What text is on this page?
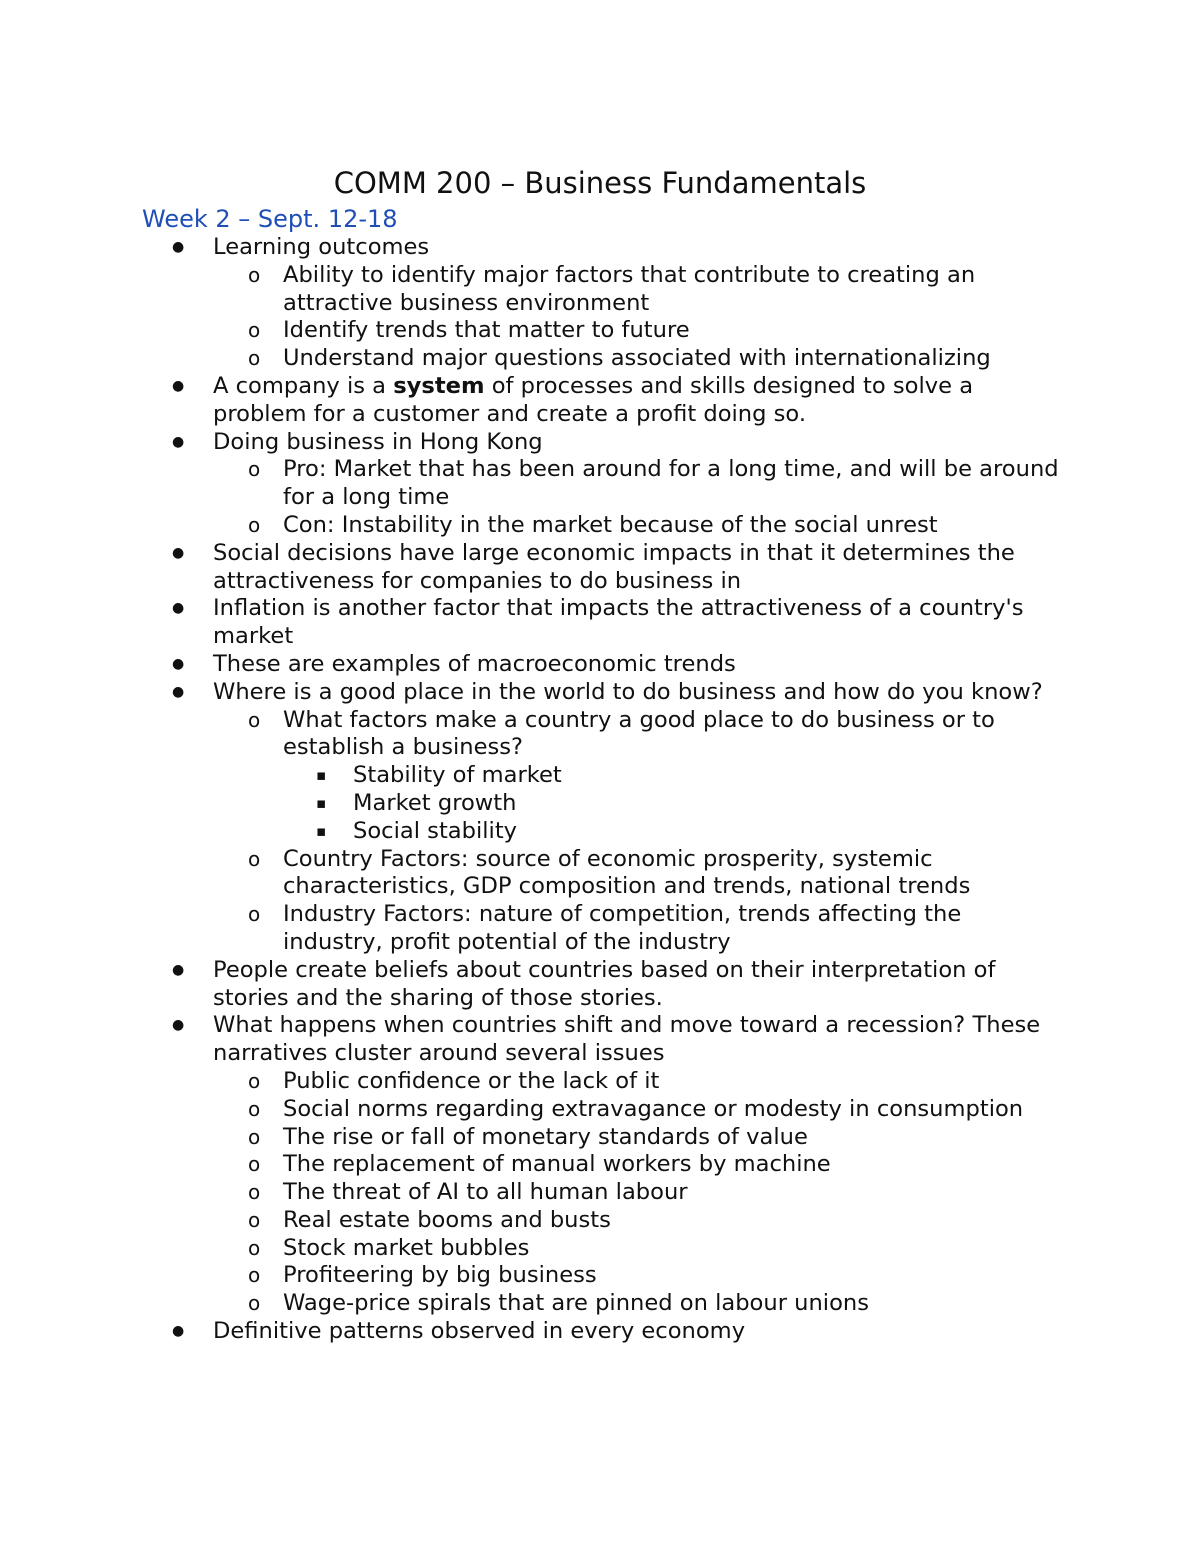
COMM 200 – Business Fundamentals
Week 2 – Sept. 12-18
● Learning outcomes
o Ability to identify major factors that contribute to creating an attractive business environment
o Identify trends that matter to future
o Understand major questions associated with internationalizing
● A company is a system of processes and skills designed to solve a problem for a customer and create a profit doing so.
● Doing business in Hong Kong
o Pro: Market that has been around for a long time, and will be around for a long time
o Con: Instability in the market because of the social unrest
● Social decisions have large economic impacts in that it determines the attractiveness for companies to do business in
● Inflation is another factor that impacts the attractiveness of a country's market
● These are examples of macroeconomic trends
● Where is a good place in the world to do business and how do you know?
o What factors make a country a good place to do business or to establish a business?
▪ Stability of market
▪ Market growth
▪ Social stability
o Country Factors: source of economic prosperity, systemic characteristics, GDP composition and trends, national trends
o Industry Factors: nature of competition, trends affecting the industry, profit potential of the industry
● People create beliefs about countries based on their interpretation of stories and the sharing of those stories.
● What happens when countries shift and move toward a recession? These narratives cluster around several issues
o Public confidence or the lack of it
o Social norms regarding extravagance or modesty in consumption
o The rise or fall of monetary standards of value
o The replacement of manual workers by machine
o The threat of AI to all human labour
o Real estate booms and busts
o Stock market bubbles
o Profiteering by big business
o Wage-price spirals that are pinned on labour unions
● Definitive patterns observed in every economy
